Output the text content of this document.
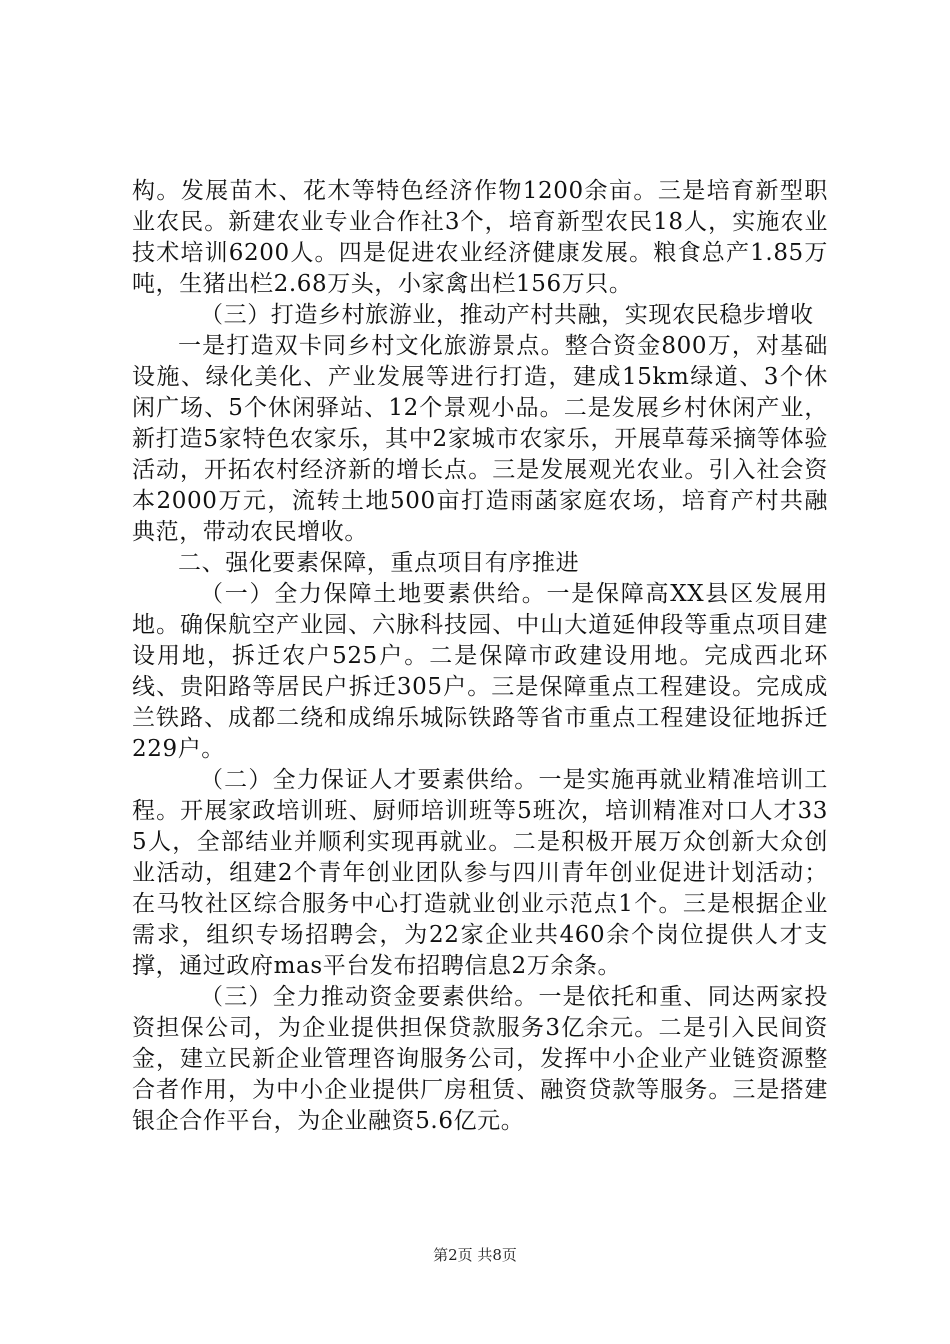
构。发展苗木、花木等特色经济作物1200余亩。三是培育新型职业农民。新建农业专业合作社3个，培育新型农民18人，实施农业技术培训6200人。四是促进农业经济健康发展。粮食总产1.85万吨，生猪出栏2.68万头，小家禽出栏156万只。

（三）打造乡村旅游业，推动产村共融，实现农民稳步增收

一是打造双卡同乡村文化旅游景点。整合资金800万，对基础设施、绿化美化、产业发展等进行打造，建成15km绿道、3个休闲广场、5个休闲驿站、12个景观小品。二是发展乡村休闲产业，新打造5家特色农家乐，其中2家城市农家乐，开展草莓采摘等体验活动，开拓农村经济新的增长点。三是发展观光农业。引入社会资本2000万元，流转土地500亩打造雨菡家庭农场，培育产村共融典范，带动农民增收。

二、强化要素保障，重点项目有序推进

（一）全力保障土地要素供给。一是保障高XX县区发展用地。确保航空产业园、六脉科技园、中山大道延伸段等重点项目建设用地，拆迁农户525户。二是保障市政建设用地。完成西北环线、贵阳路等居民户拆迁305户。三是保障重点工程建设。完成成兰铁路、成都二绕和成绵乐城际铁路等省市重点工程建设征地拆迁229户。

（二）全力保证人才要素供给。一是实施再就业精准培训工程。开展家政培训班、厨师培训班等5班次，培训精准对口人才335人，全部结业并顺利实现再就业。二是积极开展万众创新大众创业活动，组建2个青年创业团队参与四川青年创业促进计划活动；在马牧社区综合服务中心打造就业创业示范点1个。三是根据企业需求，组织专场招聘会，为22家企业共460余个岗位提供人才支撑，通过政府mas平台发布招聘信息2万余条。

（三）全力推动资金要素供给。一是依托和重、同达两家投资担保公司，为企业提供担保贷款服务3亿余元。二是引入民间资金，建立民新企业管理咨询服务公司，发挥中小企业产业链资源整合者作用，为中小企业提供厂房租赁、融资贷款等服务。三是搭建银企合作平台，为企业融资5.6亿元。

第2页 共8页
